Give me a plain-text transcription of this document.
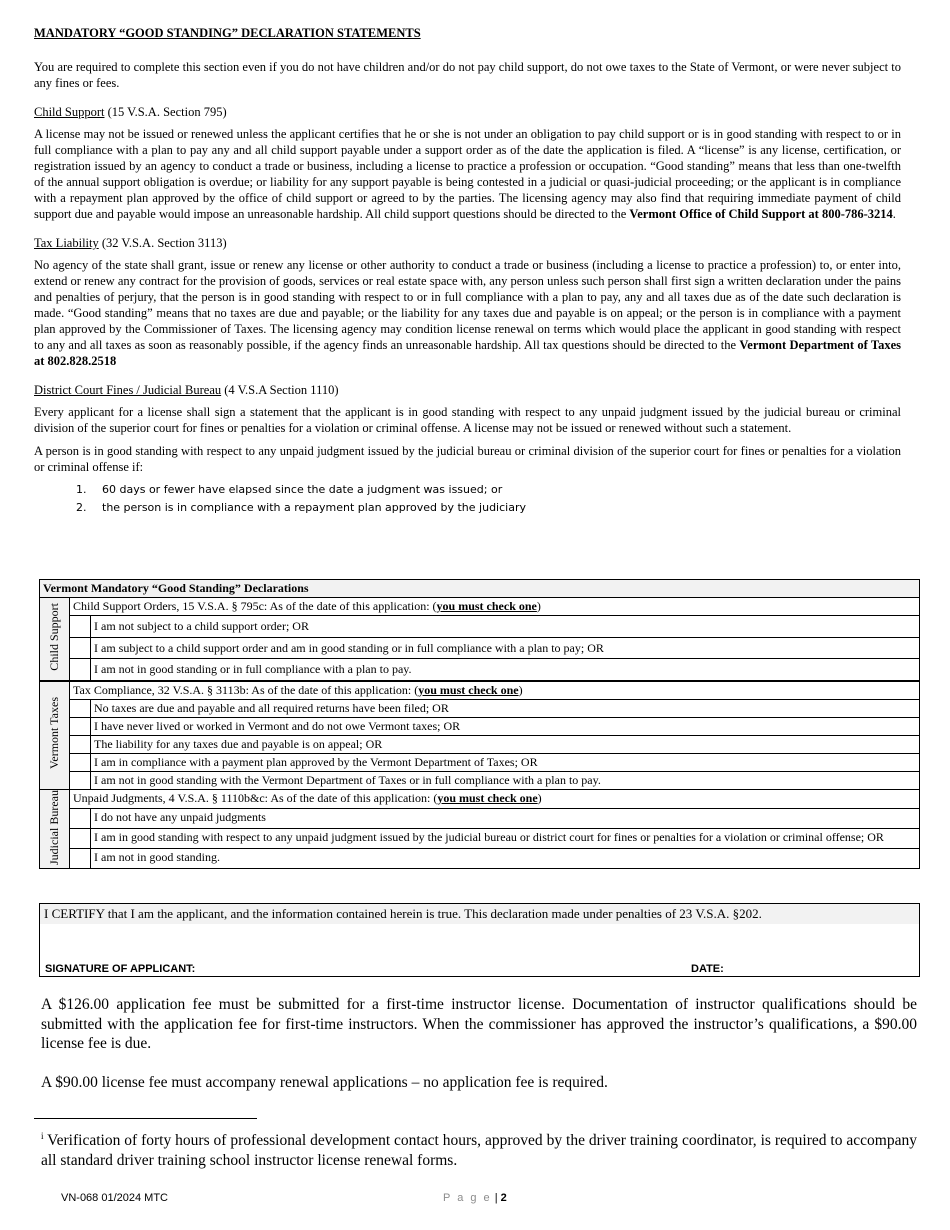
MANDATORY “GOOD STANDING” DECLARATION STATEMENTS

You are required to complete this section even if you do not have children and/or do not pay child support, do not owe taxes to the State of Vermont, or were never subject to any fines or fees.

Child Support (15 V.S.A. Section 795)

A license may not be issued or renewed unless the applicant certifies that he or she is not under an obligation to pay child support or is in good standing with respect to or in full compliance with a plan to pay any and all child support payable under a support order as of the date the application is filed. A “license” is any license, certification, or registration issued by an agency to conduct a trade or business, including a license to practice a profession or occupation. “Good standing” means that less than one-twelfth of the annual support obligation is overdue; or liability for any support payable is being contested in a judicial or quasi-judicial proceeding; or the applicant is in compliance with a repayment plan approved by the office of child support or agreed to by the parties. The licensing agency may also find that requiring immediate payment of child support due and payable would impose an unreasonable hardship. All child support questions should be directed to the Vermont Office of Child Support at 800-786-3214.

Tax Liability (32 V.S.A. Section 3113)

No agency of the state shall grant, issue or renew any license or other authority to conduct a trade or business (including a license to practice a profession) to, or enter into, extend or renew any contract for the provision of goods, services or real estate space with, any person unless such person shall first sign a written declaration under the pains and penalties of perjury, that the person is in good standing with respect to or in full compliance with a plan to pay, any and all taxes due as of the date such declaration is made. “Good standing” means that no taxes are due and payable; or the liability for any taxes due and payable is on appeal; or the person is in compliance with a payment plan approved by the Commissioner of Taxes. The licensing agency may condition license renewal on terms which would place the applicant in good standing with respect to any and all taxes as soon as reasonably possible, if the agency finds an unreasonable hardship. All tax questions should be directed to the Vermont Department of Taxes at 802.828.2518

District Court Fines / Judicial Bureau (4 V.S.A Section 1110)

Every applicant for a license shall sign a statement that the applicant is in good standing with respect to any unpaid judgment issued by the judicial bureau or criminal division of the superior court for fines or penalties for a violation or criminal offense. A license may not be issued or renewed without such a statement.

A person is in good standing with respect to any unpaid judgment issued by the judicial bureau or criminal division of the superior court for fines or penalties for a violation or criminal offense if:

1. 60 days or fewer have elapsed since the date a judgment was issued; or
2. the person is in compliance with a repayment plan approved by the judiciary
Vermont Mandatory “Good Standing” Declarations		
Child Support	Child Support Orders, 15 V.S.A. § 795c: As of the date of this application: (you must check one)	
		I am not subject to a child support order; OR
		I am subject to a child support order and am in good standing or in full compliance with a plan to pay; OR
		I am not in good standing or in full compliance with a plan to pay.
Vermont Taxes	Tax Compliance, 32 V.S.A. § 3113b: As of the date of this application: (you must check one)	
		No taxes are due and payable and all required returns have been filed; OR
		I have never lived or worked in Vermont and do not owe Vermont taxes; OR
		The liability for any taxes due and payable is on appeal; OR
		I am in compliance with a payment plan approved by the Vermont Department of Taxes; OR
		I am not in good standing with the Vermont Department of Taxes or in full compliance with a plan to pay.
Judicial Bureau	Unpaid Judgments, 4 V.S.A. § 1110b&c: As of the date of this application: (you must check one)	
		I do not have any unpaid judgments
		I am in good standing with respect to any unpaid judgment issued by the judicial bureau or district court for fines or penalties for a violation or criminal offense; OR
		I am not in good standing.
I CERTIFY that I am the applicant, and the information contained herein is true. This declaration made under penalties of 23 V.S.A. §202.
SIGNATURE OF APPLICANT:	DATE:

A $126.00 application fee must be submitted for a first-time instructor license. Documentation of instructor qualifications should be submitted with the application fee for first-time instructors. When the commissioner has approved the instructor’s qualifications, a $90.00 license fee is due.

A $90.00 license fee must accompany renewal applications – no application fee is required.

$^i$ Verification of forty hours of professional development contact hours, approved by the driver training coordinator, is required to accompany all standard driver training school instructor license renewal forms.
VN-068 01/2024 MTC	P a g e | 2
